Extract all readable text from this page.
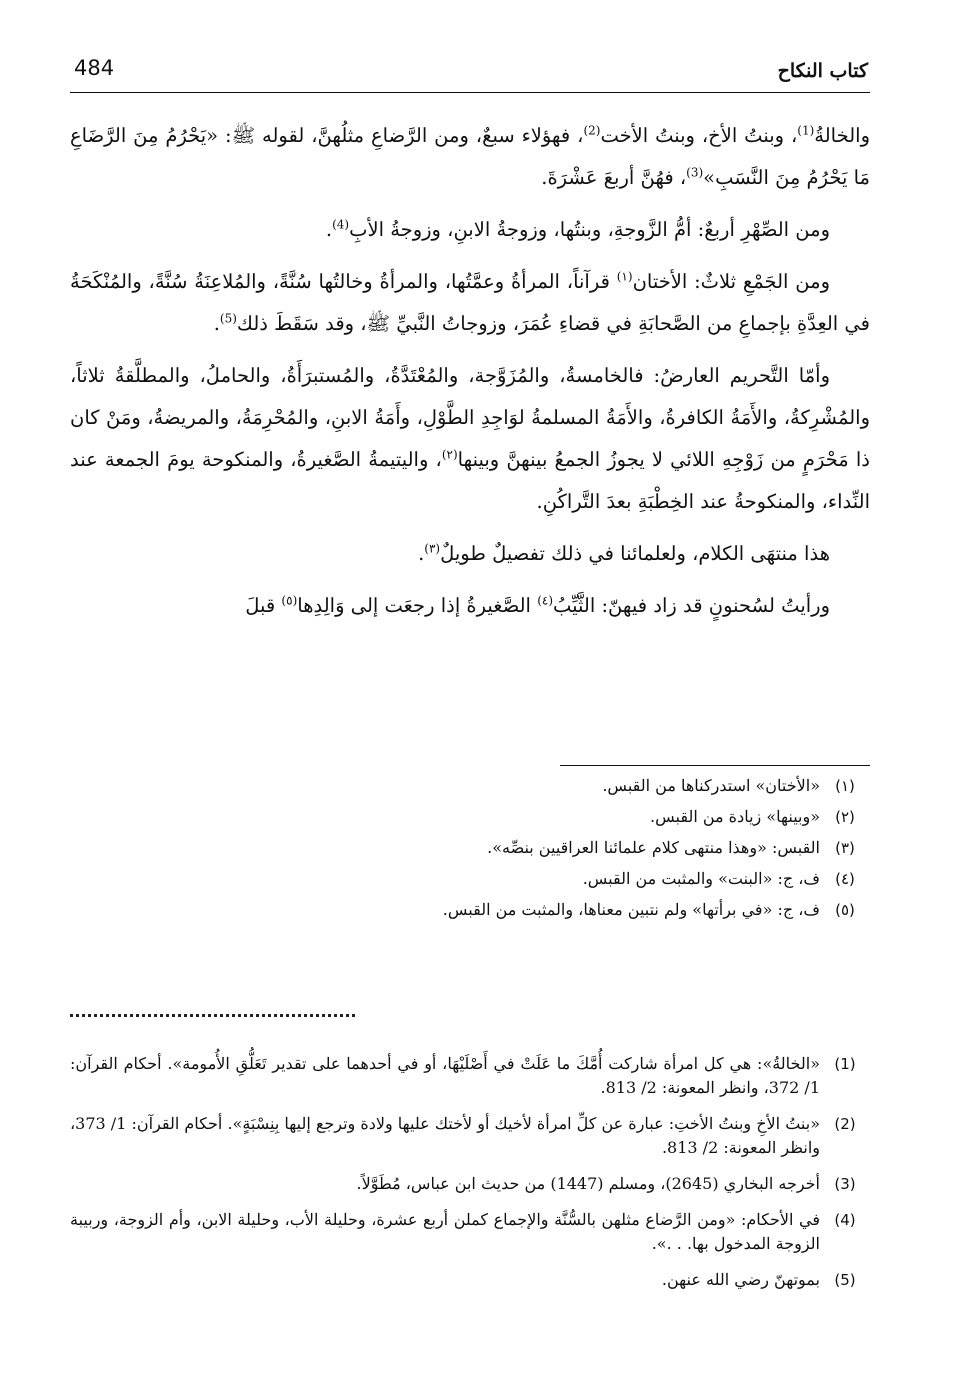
كتاب النكاح
484

والخالةُ$^{(1)}$، وبنتُ الأخ، وبنتُ الأخت$^{(2)}$، فهؤلاء سبعٌ، ومن الرَّضاعِ مثلُهنَّ، لقوله ﷺ: «يَحْرُمُ مِنَ الرَّضَاعِ مَا يَحْرُمُ مِنَ النَّسَبِ»$^{(3)}$، فهُنَّ أربعَ عَشْرَةَ.

ومن الصِّهْرِ أربعٌ: أمُّ الزَّوجةِ، وبنتُها، وزوجةُ الابنِ، وزوجةُ الأبِ$^{(4)}$.

ومن الجَمْعِ ثلاثٌ: الأختان$^{(١)}$ قرآناً، المرأةُ وعمَّتُها، والمرأةُ وخالتُها سُنَّةً، والمُلاعِنَةُ سُنَّةً، والمُنْكَحَةُ في العِدَّةِ بإجماعِ من الصَّحابَةِ في قضاءِ عُمَرَ، وزوجاتُ النَّبيِّ ﷺ، وقد سَقَطَ ذلك$^{(5)}$.

وأمّا التَّحريم العارضُ: فالخامسةُ، والمُزَوَّجة، والمُعْتَدَّةُ، والمُستبرَأَةُ، والحاملُ، والمطلَّقةُ ثلاثاً، والمُشْرِكةُ، والأَمَةُ الكافرةُ، والأَمَةُ المسلمةُ لوَاجِدِ الطَّوْلِ، وأَمَةُ الابنِ، والمُحْرِمَةُ، والمريضةُ، ومَنْ كان ذا مَحْرَمٍ من زَوْجِهِ اللائي لا يجوزُ الجمعُ بينهنَّ وبينها$^{(٢)}$، واليتيمةُ الصَّغيرةُ، والمنكوحة يومَ الجمعة عند النِّداء، والمنكوحةُ عند الخِطْبَةِ بعدَ التَّراكُنِ.

هذا منتهَى الكلام، ولعلمائنا في ذلك تفصيلٌ طويلٌ$^{(٣)}$.

ورأيتُ لسُحنونٍ قد زاد فيهنّ: الثَّيِّبُ$^{(٤)}$ الصَّغيرةُ إذا رجعَت إلى وَالِدِها$^{(٥)}$ قبلَ

(١)
«الأختان» استدركناها من القبس.
(٢)
«وبينها» زيادة من القبس.
(٣)
القبس: «وهذا منتهى كلام علمائنا العراقيين بنصِّه».
(٤)
ف، ج: «البنت» والمثبت من القبس.
(٥)
ف، ج: «في برأتها» ولم نتبين معناها، والمثبت من القبس.
(1)
«الخالةُ»: هي كل امرأة شاركت أُمَّكَ ما عَلَتْ في أَصْلَيْهَا، أو في أحدهما على تقدير تَعَلُّقِ الأُمومة». أحكام القرآن: 1/ 372، وانظر المعونة: 2/ 813.
(2)
«بنتُ الأخِ وبنتُ الأختِ: عبارة عن كلِّ امرأة لأخيك أو لأختك عليها ولادة وترجع إليها بِنِسْبَةٍ». أحكام القرآن: 1/ 373، وانظر المعونة: 2/ 813.
(3)
أخرجه البخاري (2645)، ومسلم (1447) من حديث ابن عباس، مُطَوَّلاً.
(4)
في الأحكام: «ومن الرَّضاع مثلهن بالسُّنَّة والإجماع كملن أربع عشرة، وحليلة الأب، وحليلة الابن، وأم الزوجة، وربيبة الزوجة المدخول بها. . .».
(5)
بموتهنّ رضي الله عنهن.
